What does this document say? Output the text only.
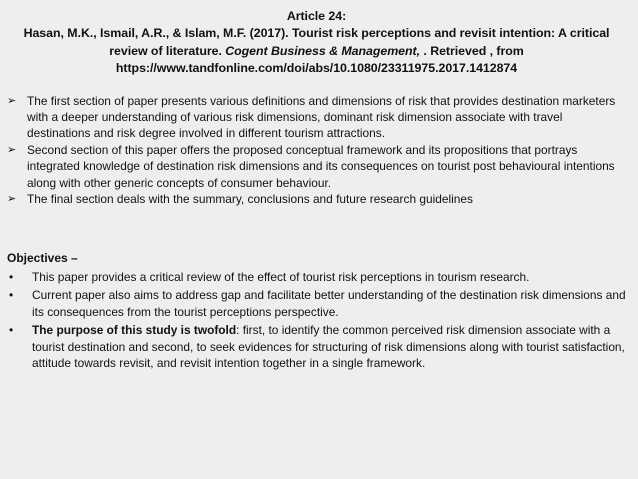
Article 24:
Hasan, M.K., Ismail, A.R., & Islam, M.F. (2017). Tourist risk perceptions and revisit intention: A critical review of literature. Cogent Business & Management, . Retrieved , from
https://www.tandfonline.com/doi/abs/10.1080/23311975.2017.1412874
➢ The first section of paper presents various definitions and dimensions of risk that provides destination marketers with a deeper understanding of various risk dimensions, dominant risk dimension associate with travel destinations and risk degree involved in different tourism attractions.
➢ Second section of this paper offers the proposed conceptual framework and its propositions that portrays integrated knowledge of destination risk dimensions and its consequences on tourist post behavioural intentions along with other generic concepts of consumer behaviour.
➢ The final section deals with the summary, conclusions and future research guidelines
Objectives –
• This paper provides a critical review of the effect of tourist risk perceptions in tourism research.
• Current paper also aims to address gap and facilitate better understanding of the destination risk dimensions and its consequences from the tourist perceptions perspective.
• The purpose of this study is twofold: first, to identify the common perceived risk dimension associate with a tourist destination and second, to seek evidences for structuring of risk dimensions along with tourist satisfaction, attitude towards revisit, and revisit intention together in a single framework.
